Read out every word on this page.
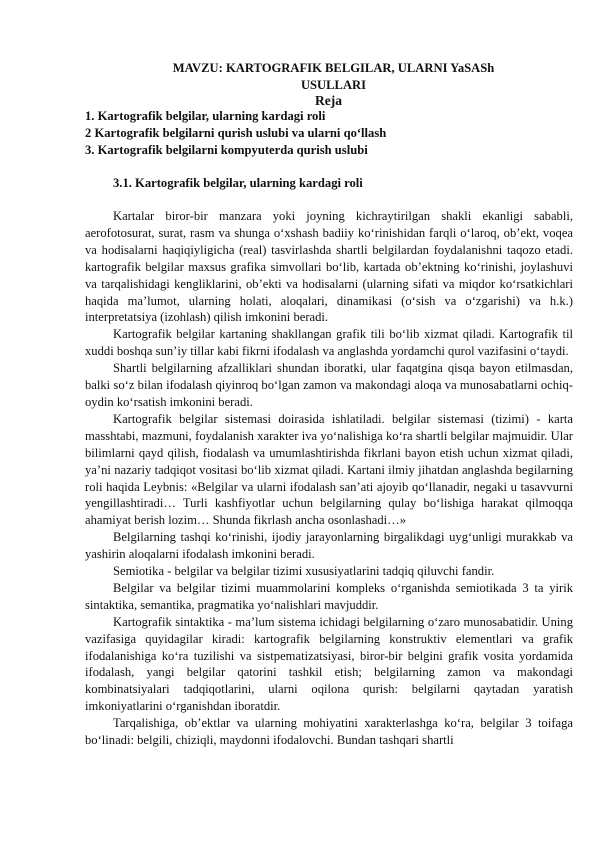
MAVZU: KARTOGRAFIK BELGILAR, ULARNI YaSASh
USULLARI
Reja
1. Kartografik belgilar, ularning kardagi roli
2 Kartografik belgilarni qurish uslubi va ularni qo‘llash
3. Kartografik belgilarni kompyuterda qurish uslubi
3.1. Kartografik belgilar, ularning kardagi roli

Kartalar biror-bir manzara yoki joyning kichraytirilgan shakli ekanligi sababli, aerofotosurat, surat, rasm va shunga o‘xshash badiiy ko‘rinishidan farqli o‘laroq, ob’ekt, voqea va hodisalarni haqiqiyligicha (real) tasvirlashda shartli belgilardan foydalanishni taqozo etadi. kartografik belgilar maxsus grafika simvollari bo‘lib, kartada ob’ektning ko‘rinishi, joylashuvi va tarqalishidagi kengliklarini, ob’ekti va hodisalarni (ularning sifati va miqdor ko‘rsatkichlari haqida ma’lumot, ularning holati, aloqalari, dinamikasi (o‘sish va o‘zgarishi) va h.k.) interpretatsiya (izohlash) qilish imkonini beradi.

Kartografik belgilar kartaning shakllangan grafik tili bo‘lib xizmat qiladi. Kartografik til xuddi boshqa sun’iy tillar kabi fikrni ifodalash va anglashda yordamchi qurol vazifasini o‘taydi.

Shartli belgilarning afzalliklari shundan iboratki, ular faqatgina qisqa bayon etilmasdan, balki so‘z bilan ifodalash qiyinroq bo‘lgan zamon va makondagi aloqa va munosabatlarni ochiq-oydin ko‘rsatish imkonini beradi.

Kartografik belgilar sistemasi doirasida ishlatiladi. belgilar sistemasi (tizimi) - karta masshtabi, mazmuni, foydalanish xarakter iva yo‘nalishiga ko‘ra shartli belgilar majmuidir. Ular bilimlarni qayd qilish, fiodalash va umumlashtirishda fikrlani bayon etish uchun xizmat qiladi, ya’ni nazariy tadqiqot vositasi bo‘lib xizmat qiladi. Kartani ilmiy jihatdan anglashda begilarning roli haqida Leybnis: «Belgilar va ularni ifodalash san’ati ajoyib qo‘llanadir, negaki u tasavvurni yengillashtiradi… Turli kashfiyotlar uchun belgilarning qulay bo‘lishiga harakat qilmoqqa ahamiyat berish lozim… Shunda fikrlash ancha osonlashadi…»

Belgilarning tashqi ko‘rinishi, ijodiy jarayonlarning birgalikdagi uyg‘unligi murakkab va yashirin aloqalarni ifodalash imkonini beradi.

Semiotika - belgilar va belgilar tizimi xususiyatlarini tadqiq qiluvchi fandir.

Belgilar va belgilar tizimi muammolarini kompleks o‘rganishda semiotikada 3 ta yirik sintaktika, semantika, pragmatika yo‘nalishlari mavjuddir.

Kartografik sintaktika - ma’lum sistema ichidagi belgilarning o‘zaro munosabatidir. Uning vazifasiga quyidagilar kiradi: kartografik belgilarning konstruktiv elementlari va grafik ifodalanishiga ko‘ra tuzilishi va sistpematizatsiyasi, biror-bir belgini grafik vosita yordamida ifodalash, yangi belgilar qatorini tashkil etish; belgilarning zamon va makondagi kombinatsiyalari tadqiqotlarini, ularni oqilona qurish: belgilarni qaytadan yaratish imkoniyatlarini o‘rganishdan iboratdir.

Tarqalishiga, ob’ektlar va ularning mohiyatini xarakterlashga ko‘ra, belgilar 3 toifaga bo‘linadi: belgili, chiziqli, maydonni ifodalovchi. Bundan tashqari shartli
